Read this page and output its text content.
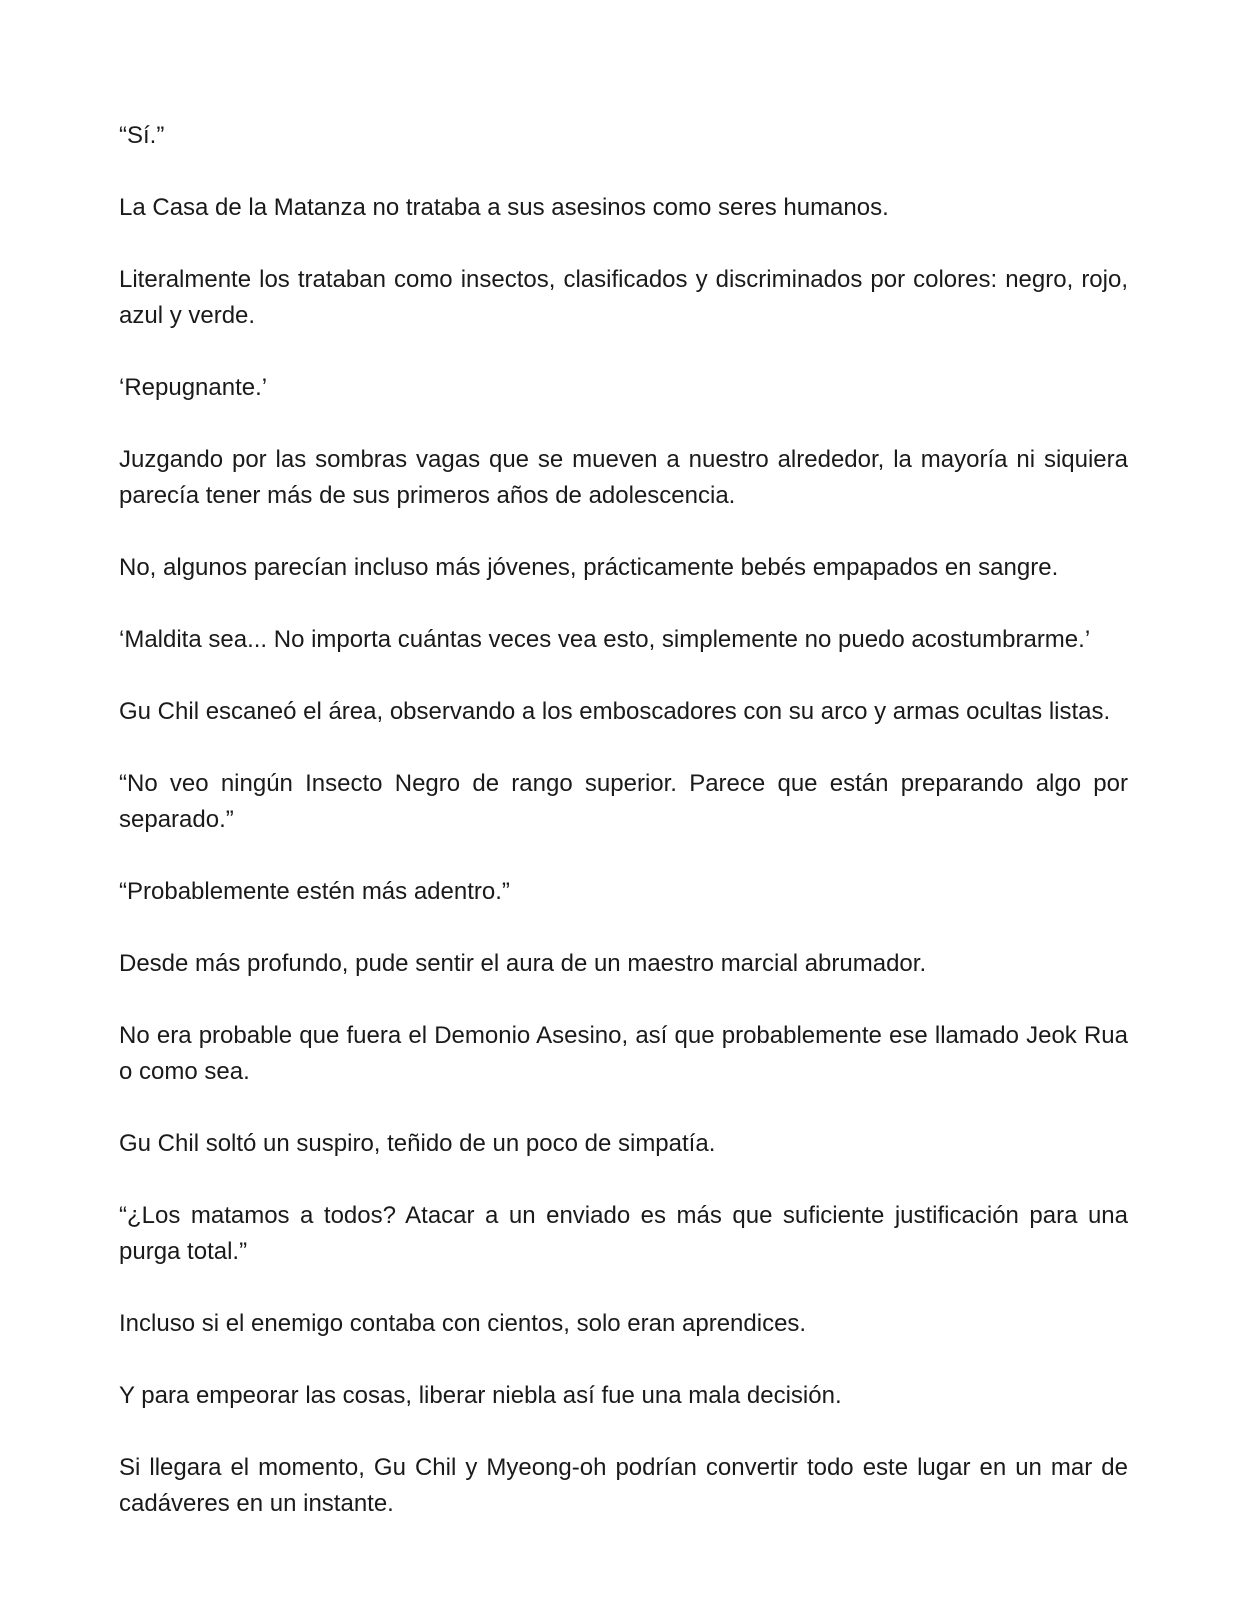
“Sí.”

La Casa de la Matanza no trataba a sus asesinos como seres humanos.

Literalmente los trataban como insectos, clasificados y discriminados por colores: negro, rojo, azul y verde.

‘Repugnante.’

Juzgando por las sombras vagas que se mueven a nuestro alrededor, la mayoría ni siquiera parecía tener más de sus primeros años de adolescencia.

No, algunos parecían incluso más jóvenes, prácticamente bebés empapados en sangre.

‘Maldita sea... No importa cuántas veces vea esto, simplemente no puedo acostumbrarme.’

Gu Chil escaneó el área, observando a los emboscadores con su arco y armas ocultas listas.

“No veo ningún Insecto Negro de rango superior. Parece que están preparando algo por separado.”

“Probablemente estén más adentro.”

Desde más profundo, pude sentir el aura de un maestro marcial abrumador.

No era probable que fuera el Demonio Asesino, así que probablemente ese llamado Jeok Rua o como sea.

Gu Chil soltó un suspiro, teñido de un poco de simpatía.

“¿Los matamos a todos? Atacar a un enviado es más que suficiente justificación para una purga total.”

Incluso si el enemigo contaba con cientos, solo eran aprendices.

Y para empeorar las cosas, liberar niebla así fue una mala decisión.

Si llegara el momento, Gu Chil y Myeong-oh podrían convertir todo este lugar en un mar de cadáveres en un instante.
